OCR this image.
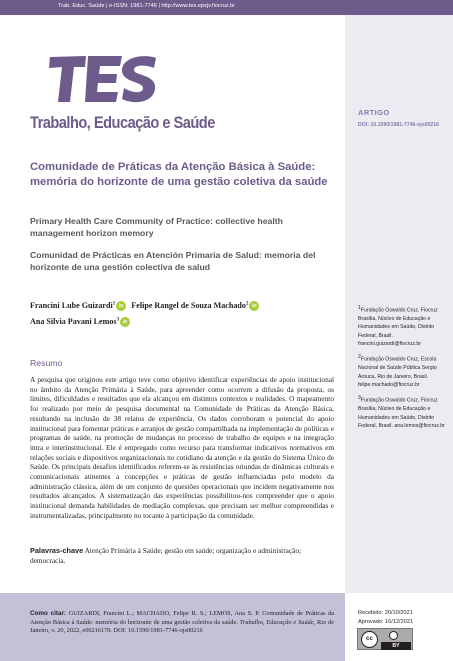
Trab. Educ. Saúde | e-ISSN: 1981-7746 | http://www.tes.epsjv.fiocruz.br
Trabalho, Educação e Saúde
ARTIGO
DOI: 10.1590/1981-7746-ojs00216
Comunidade de Práticas da Atenção Básica à Saúde: memória do horizonte de uma gestão coletiva da saúde
Primary Health Care Community of Practice: collective health management horizon memory
Comunidad de Prácticas en Atención Primaria de Salud: memoria del horizonte de una gestión colectiva de salud
Francini Lube Guizardi$^1$ iD Felipe Rangel de Souza Machado$^2$ iD
Ana Silvia Pavani Lemos$^3$ iD

$^1$Fundação Oswaldo Cruz, Fiocruz Brasília, Núcleo de Educação e Humanidades em Saúde, Distrito Federal, Brasil. francini.guizardi@fiocruz.br

$^2$Fundação Oswaldo Cruz, Escola Nacional de Saúde Pública Sergio Arouca, Rio de Janeiro, Brasil. felipe.machado@fiocruz.br

$^3$Fundação Oswaldo Cruz, Fiocruz Brasília, Núcleo de Educação e Humanidades em Saúde, Distrito Federal, Brasil. ana.lemos@fiocruz.br

Resumo

A pesquisa que originou este artigo teve como objetivo identificar experiências de apoio institucional no âmbito da Atenção Primária à Saúde, para apreender como ocorrem a difusão da proposta, os limites, dificuldades e resultados que ela alcançou em distintos contextos e realidades. O mapeamento foi realizado por meio de pesquisa documental na Comunidade de Práticas da Atenção Básica, resultando na inclusão de 38 relatos de experiência. Os dados corroboram o potencial do apoio institucional para fomentar práticas e arranjos de gestão compartilhada na implementação de políticas e programas de saúde, na promoção de mudanças no processo de trabalho de equipes e na integração intra e interinstitucional. Ele é empregado como recurso para transformar indicativos normativos em relações sociais e dispositivos organizacionais no cotidiano da atenção e da gestão do Sistema Único de Saúde. Os principais desafios identificados referem-se às resistências oriundas de dinâmicas culturais e comunicacionais atinentes a concepções e práticas de gestão influenciadas pelo modelo da administração clássica, além de um conjunto de questões operacionais que incidem negativamente nos resultados alcançados. A sistematização das experiências possibilitou-nos compreender que o apoio institucional demanda habilidades de mediação complexas, que precisam ser melhor compreendidas e instrumentalizadas, principalmente no tocante à participação da comunidade.

Palavras-chave Atenção Primária à Saúde; gestão em saúde; organização e administração; democracia.

Como citar: GUIZARDI, Francini L.; MACHADO, Felipe R. S.; LEMOS, Ana S. P. Comunidade de Práticas da Atenção Básica à Saúde: memória do horizonte de uma gestão coletiva da saúde. Trabalho, Educação e Saúde, Rio de Janeiro, v. 20, 2022, e00216170. DOI: 10.1590/1981-7746-ojs00216

Recebido: 20/10/2021
Aprovado: 16/12/2021
cc
BY
